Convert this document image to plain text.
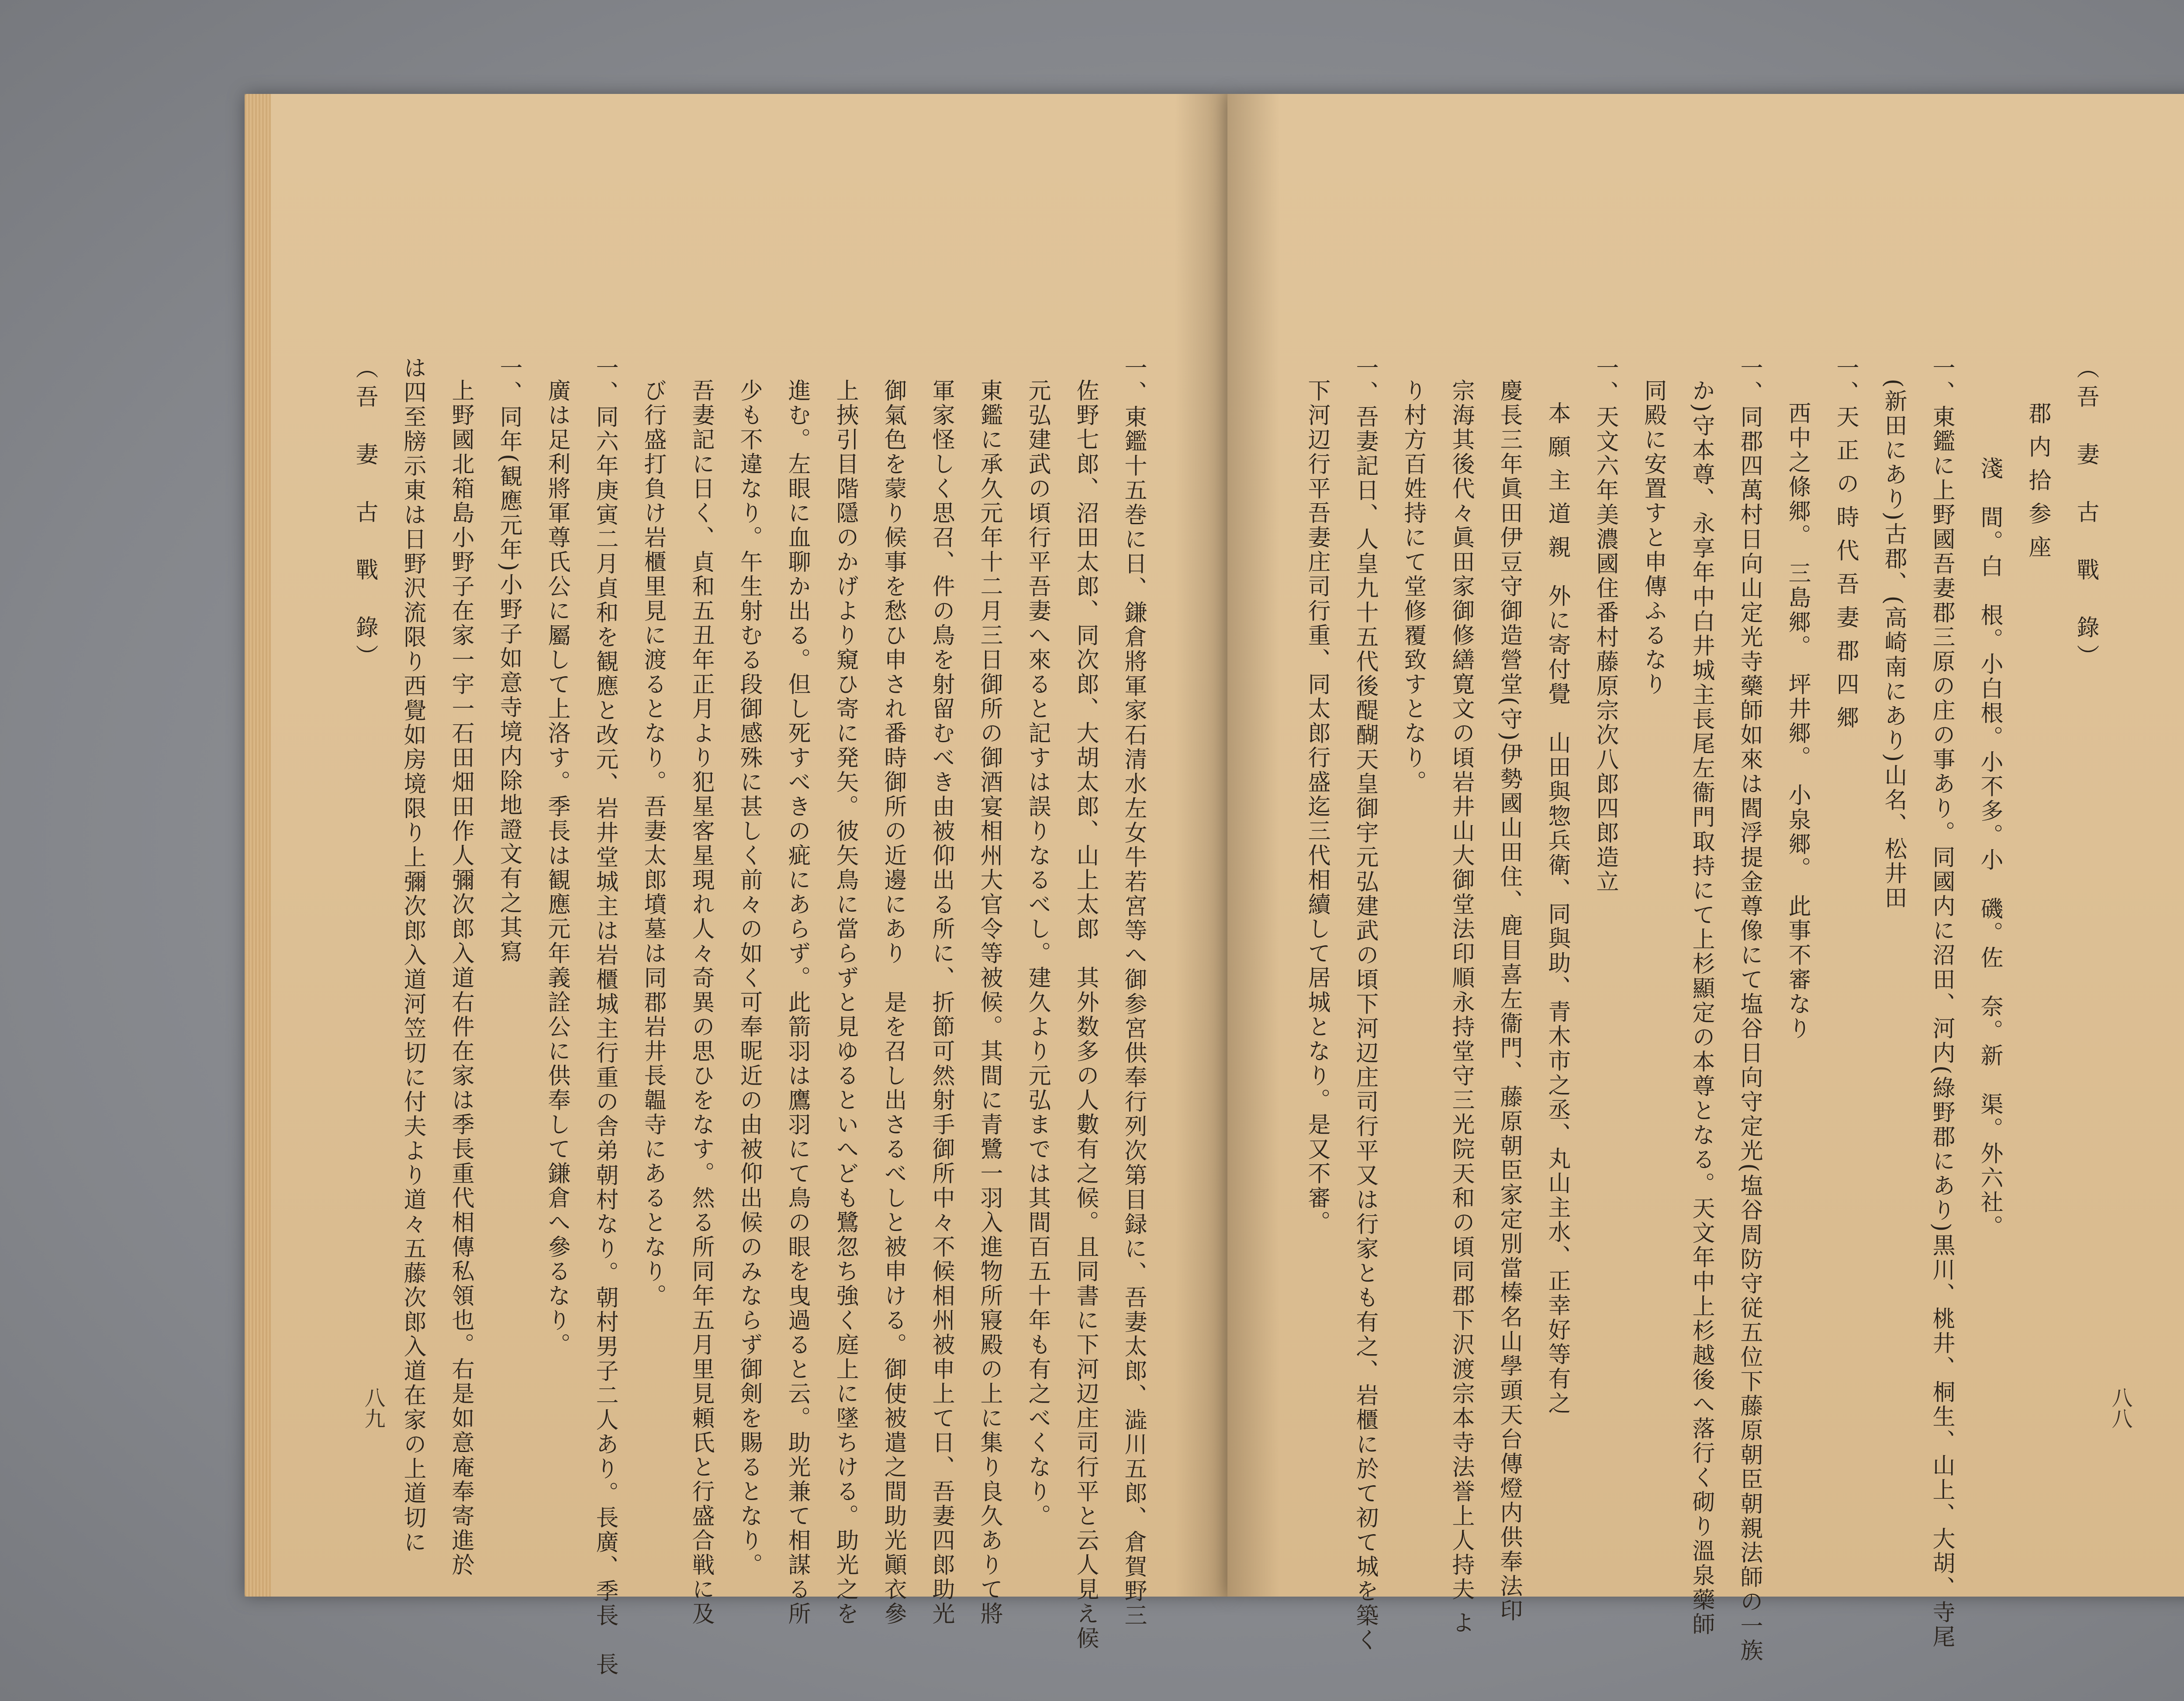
一、東鑑十五巻に日、鎌倉將軍家石清水左女牛若宮等へ御参宮供奉行列次第目録に、吾妻太郎、澁川五郎、倉賀野三
佐野七郎、沼田太郎、同次郎、大胡太郎、山上太郎　其外数多の人數有之候。且同書に下河辺庄司行平と云人見え候
元弘建武の頃行平吾妻へ來ると記すは誤りなるべし。建久より元弘までは其間百五十年も有之べくなり。
東鑑に承久元年十二月三日御所の御酒宴相州大官令等被候。其間に青鷺一羽入進物所寢殿の上に集り良久ありて將
軍家怪しく思召、件の鳥を射留むべき由被仰出る所に、折節可然射手御所中々不候相州被申上て日、吾妻四郎助光
御氣色を蒙り候事を愁ひ申され番時御所の近邊にあり　是を召し出さるべしと被申ける。御使被遣之間助光顚衣參
上挾引目階隱のかげより窺ひ寄に発矢。彼矢鳥に當らずと見ゆるといへども鷺忽ち強く庭上に墜ちける。助光之を
進む。左眼に血聊か出る。但し死すべきの疵にあらず。此箭羽は鷹羽にて鳥の眼を曳過ると云。助光兼て相謀る所
少も不違なり。午生射むる段御感殊に甚しく前々の如く可奉昵近の由被仰出候のみならず御剣を賜るとなり。
吾妻記に日く、貞和五丑年正月より犯星客星現れ人々奇異の思ひをなす。然る所同年五月里見頼氏と行盛合戦に及
び行盛打負け岩櫃里見に渡るとなり。吾妻太郎墳墓は同郡岩井長韞寺にあるとなり。
一、同六年庚寅二月貞和を観應と改元、岩井堂城主は岩櫃城主行重の舎弟朝村なり。朝村男子二人あり。長廣、季長　長
廣は足利將軍尊氏公に屬して上洛す。季長は観應元年義詮公に供奉して鎌倉へ參るなり。
一、同年(観應元年)小野子如意寺境内除地證文有之其寫
上野國北箱島小野子在家一宇一石田畑田作人彌次郎入道右件在家は季長重代相傳私領也。右是如意庵奉寄進於
は四至牓示東は日野沢流限り西覺如房境限り上彌次郎入道河笠切に付夫より道々五藤次郎入道在家の上道切に
（吾　妻　古　戰　錄）
八九
（吾　妻　古　戰　錄）
郡 内 拾 参 座
淺　間。白　根。小白根。小不多。小　磯。佐　奈。新　渠。外六社。
一、東鑑に上野國吾妻郡三原の庄の事あり。同國内に沼田、河内(綠野郡にあり)黒川、桃井、桐生、山上、大胡、寺尾
(新田にあり)古郡、(高崎南にあり)山名、松井田
一、天 正 の 時 代 吾 妻 郡 四 郷
西中之條郷。　三島郷。　坪井郷。　小泉郷。　此事不審なり
一、同郡四萬村日向山定光寺藥師如來は閻浮提金尊像にて塩谷日向守定光(塩谷周防守従五位下藤原朝臣朝親法師の一族
か)守本尊、永享年中白井城主長尾左衞門取持にて上杉顯定の本尊となる。天文年中上杉越後へ落行く砌り溫泉藥師
同殿に安置すと申傳ふるなり
一、天文六年美濃國住番村藤原宗次八郎四郎造立
本 願 主 道 親　外に寄付覺　山田與惣兵衛、同與助、青木市之丞、丸山主水、正幸好等有之
慶長三年眞田伊豆守御造營堂(守)伊勢國山田住、鹿目喜左衞門、藤原朝臣家定別當榛名山學頭天台傳燈内供奉法印
宗海其後代々眞田家御修繕寛文の頃岩井山大御堂法印順永持堂守三光院天和の頃同郡下沢渡宗本寺法誉上人持夫 よ
り村方百姓持にて堂修覆致すとなり。
一、吾妻記日、人皇九十五代後醍醐天皇御宇元弘建武の頃下河辺庄司行平又は行家とも有之、岩櫃に於て初て城を築く
下河辺行平吾妻庄司行重、同太郎行盛迄三代相續して居城となり。是又不審。
八八
